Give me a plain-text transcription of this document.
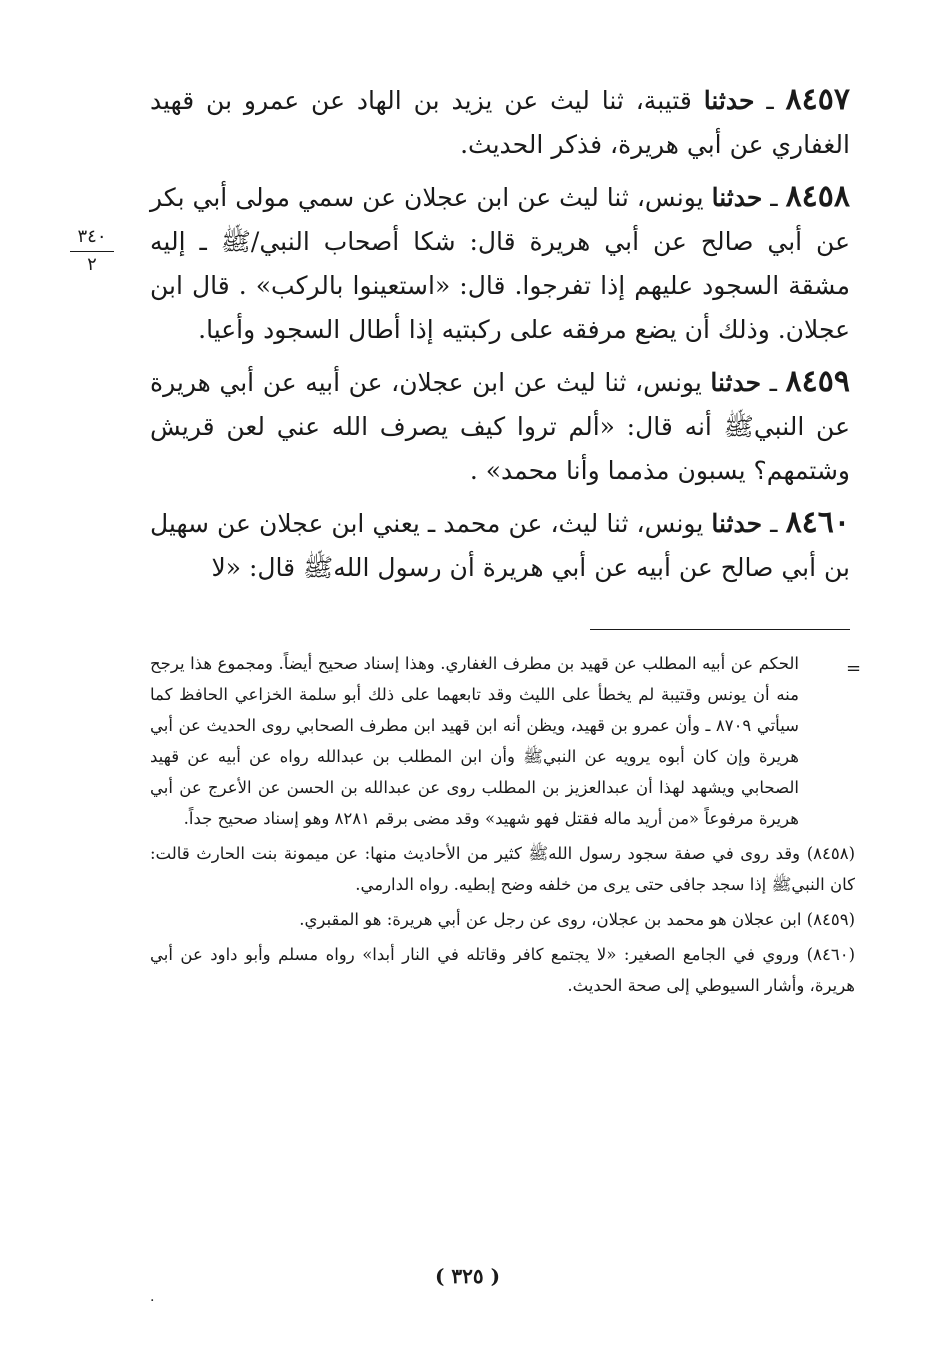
٨٤٥٧ ـ حدثنا قتيبة، ثنا ليث عن يزيد بن الهاد عن عمرو بن قهيد الغفاري عن أبي هريرة، فذكر الحديث.

٨٤٥٨ ـ حدثنا يونس، ثنا ليث عن ابن عجلان عن سمي مولى أبي بكر عن أبي صالح عن أبي هريرة قال: شكا أصحاب النبي/ﷺ ـ إليه مشقة السجود عليهم إذا تفرجوا. قال: «استعينوا بالركب» . قال ابن عجلان. وذلك أن يضع مرفقه على ركبتيه إذا أطال السجود وأعيا.

٨٤٥٩ ـ حدثنا يونس، ثنا ليث عن ابن عجلان، عن أبيه عن أبي هريرة عن النبيﷺ أنه قال: «ألم تروا كيف يصرف الله عني لعن قريش وشتمهم؟ يسبون مذمما وأنا محمد» .

٨٤٦٠ ـ حدثنا يونس، ثنا ليث، عن محمد ـ يعني ابن عجلان عن سهيل بن أبي صالح عن أبيه عن أبي هريرة أن رسول اللهﷺ قال: «لا

٣٤٠
٢
=

الحكم عن أبيه المطلب عن قهيد بن مطرف الغفاري. وهذا إسناد صحيح أيضاً. ومجموع هذا يرجح منه أن يونس وقتيبة لم يخطأ على الليث وقد تابعهما على ذلك أبو سلمة الخزاعي الحافظ كما سيأتي ٨٧٠٩ ـ وأن عمرو بن قهيد، ويظن أنه ابن قهيد ابن مطرف الصحابي روى الحديث عن أبي هريرة وإن كان أبوه يرويه عن النبيﷺ وأن ابن المطلب بن عبدالله رواه عن أبيه عن قهيد الصحابي ويشهد لهذا أن عبدالعزيز بن المطلب روى عن عبدالله بن الحسن عن الأعرج عن أبي هريرة مرفوعاً «من أريد ماله فقتل فهو شهيد» وقد مضى برقم ٨٢٨١ وهو إسناد صحيح جداً.

(٨٤٥٨) وقد روى في صفة سجود رسول اللهﷺ كثير من الأحاديث منها: عن ميمونة بنت الحارث قالت: كان النبيﷺ إذا سجد جافى حتى يرى من خلفه وضح إبطيه. رواه الدارمي.

(٨٤٥٩) ابن عجلان هو محمد بن عجلان، روى عن رجل عن أبي هريرة: هو المقبري.

(٨٤٦٠) وروي في الجامع الصغير: «لا يجتمع كافر وقاتله في النار أبدا» رواه مسلم وأبو داود عن أبي هريرة، وأشار السيوطي إلى صحة الحديث.

( ٣٢٥ )
.
